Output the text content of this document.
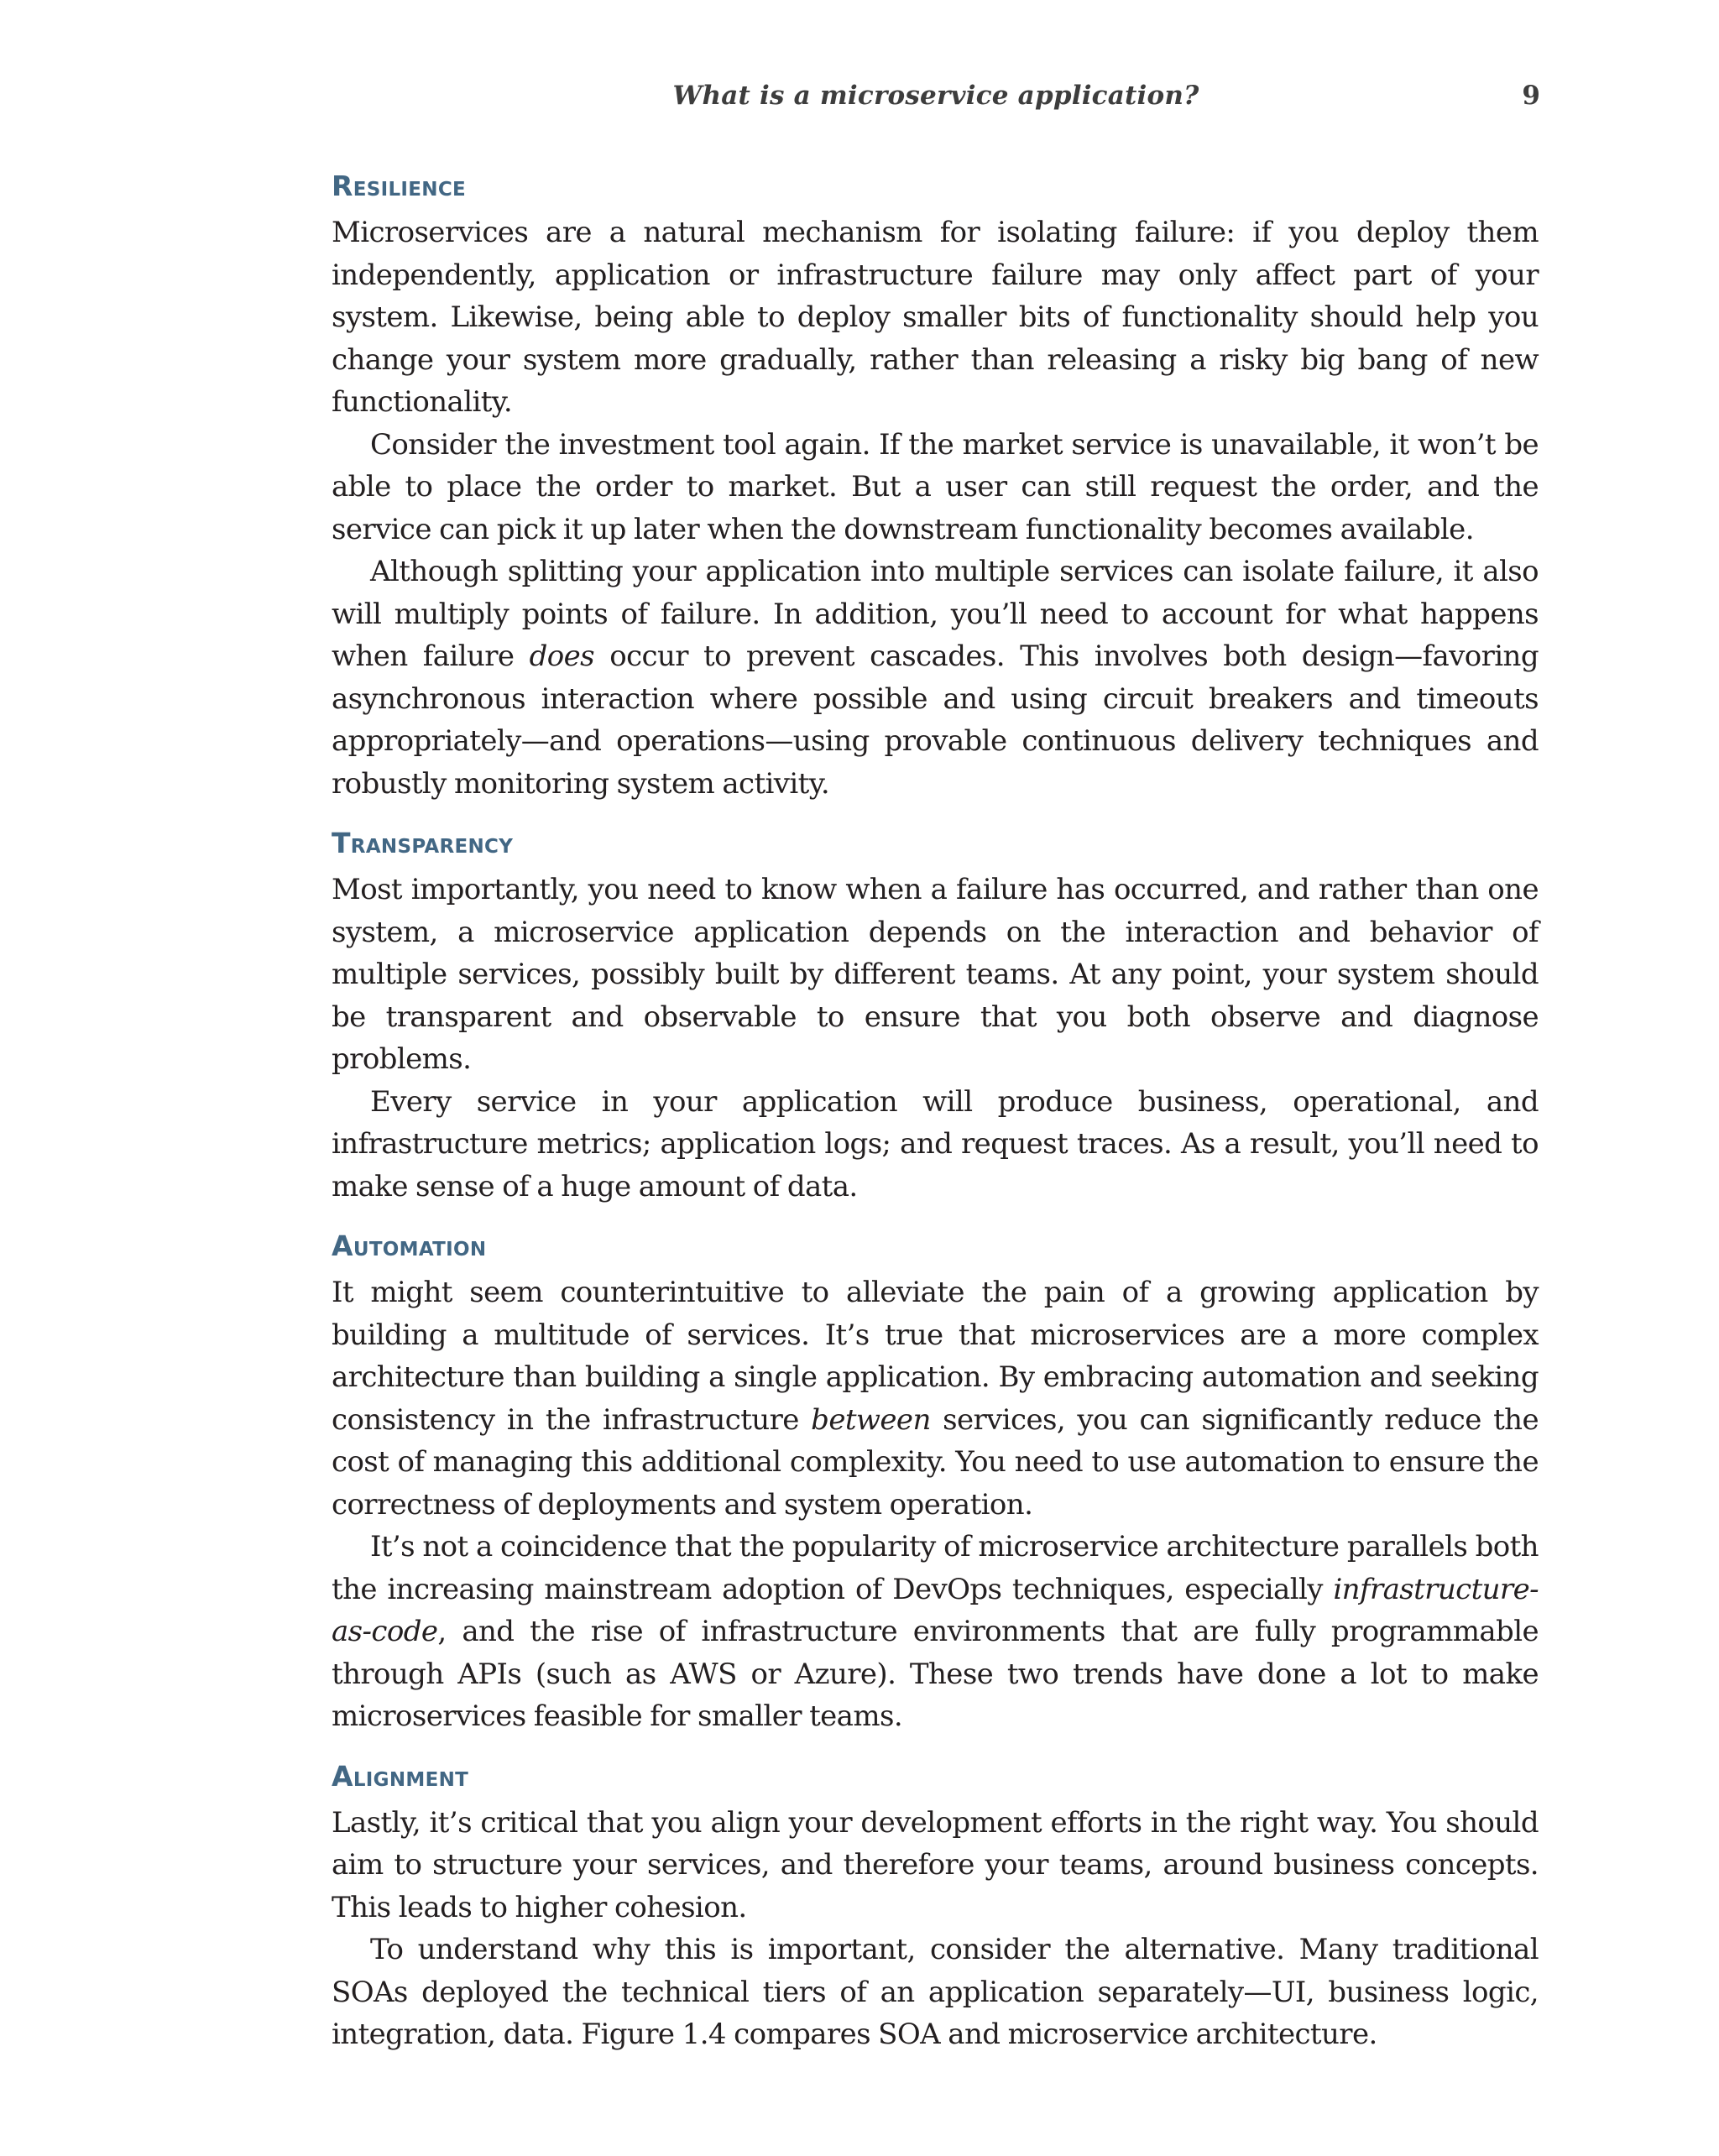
What is a microservice application?	9
Resilience

Microservices are a natural mechanism for isolating failure: if you deploy them independently, application or infrastructure failure may only affect part of your system. Likewise, being able to deploy smaller bits of functionality should help you change your system more gradually, rather than releasing a risky big bang of new functionality.

Consider the investment tool again. If the market service is unavailable, it won’t be able to place the order to market. But a user can still request the order, and the service can pick it up later when the downstream functionality becomes available.

Although splitting your application into multiple services can isolate failure, it also will multiply points of failure. In addition, you’ll need to account for what happens when failure does occur to prevent cascades. This involves both design—favoring asynchronous interaction where possible and using circuit breakers and timeouts appropriately—and operations—using provable continuous delivery techniques and robustly monitoring system activity.

Transparency

Most importantly, you need to know when a failure has occurred, and rather than one system, a microservice application depends on the interaction and behavior of multiple services, possibly built by different teams. At any point, your system should be transparent and observable to ensure that you both observe and diagnose problems.

Every service in your application will produce business, operational, and infrastructure metrics; application logs; and request traces. As a result, you’ll need to make sense of a huge amount of data.

Automation

It might seem counterintuitive to alleviate the pain of a growing application by building a multitude of services. It’s true that microservices are a more complex architecture than building a single application. By embracing automation and seeking consistency in the infrastructure between services, you can significantly reduce the cost of managing this additional complexity. You need to use automation to ensure the correctness of deployments and system operation.

It’s not a coincidence that the popularity of microservice architecture parallels both the increasing mainstream adoption of DevOps techniques, especially infrastructure-as-code, and the rise of infrastructure environments that are fully programmable through APIs (such as AWS or Azure). These two trends have done a lot to make microservices feasible for smaller teams.

Alignment

Lastly, it’s critical that you align your development efforts in the right way. You should aim to structure your services, and therefore your teams, around business concepts. This leads to higher cohesion.

To understand why this is important, consider the alternative. Many traditional SOAs deployed the technical tiers of an application separately—UI, business logic, integration, data. Figure 1.4 compares SOA and microservice architecture.
